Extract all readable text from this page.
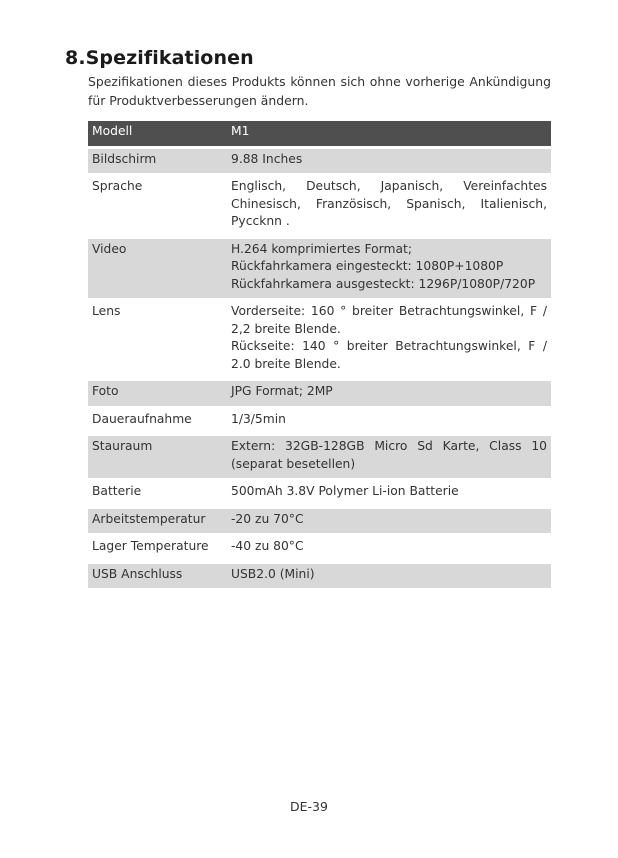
8.Spezifikationen

Spezifikationen dieses Produkts können sich ohne vorherige Ankündigung für Produktverbesserungen ändern.

Modell	M1
Bildschirm	9.88 Inches
Sprache	Englisch, Deutsch, Japanisch, Vereinfachtes Chinesisch, Französisch, Spanisch, Italienisch, Pyccknn .
Video	H.264 komprimiertes Format;
Rückfahrkamera eingesteckt: 1080P+1080P
Rückfahrkamera ausgesteckt: 1296P/1080P/720P

Lens	Vorderseite: 160 ° breiter Betrachtungswinkel, F / 2,2 breite Blende.
Rückseite: 140 ° breiter Betrachtungswinkel, F / 2.0 breite Blende.

Foto	JPG Format; 2MP
Daueraufnahme	1/3/5min
Stauraum	Extern: 32GB-128GB Micro Sd Karte, Class 10 (separat besetellen)
Batterie	500mAh 3.8V Polymer Li-ion Batterie
Arbeitstemperatur	-20 zu 70°C
Lager Temperature	-40 zu 80°C
USB Anschluss	USB2.0 (Mini)
DE-39
